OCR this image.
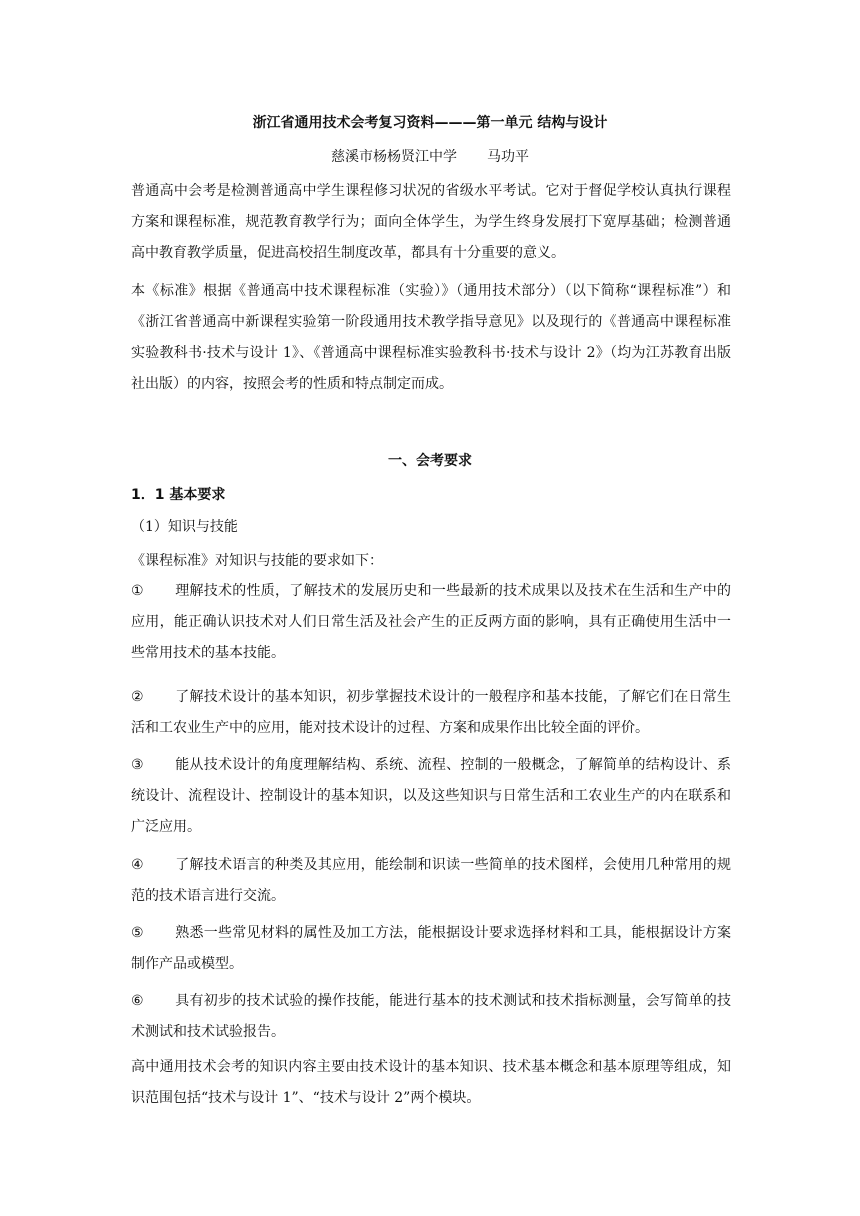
浙江省通用技术会考复习资料———第一单元 结构与设计
慈溪市杨杨贤江中学 马功平
普通高中会考是检测普通高中学生课程修习状况的省级水平考试。它对于督促学校认真执行课程方案和课程标准，规范教育教学行为；面向全体学生，为学生终身发展打下宽厚基础；检测普通高中教育教学质量，促进高校招生制度改革，都具有十分重要的意义。
本《标准》根据《普通高中技术课程标准（实验）》（通用技术部分）（以下简称“课程标准”）和《浙江省普通高中新课程实验第一阶段通用技术教学指导意见》以及现行的《普通高中课程标准实验教科书·技术与设计 1》、《普通高中课程标准实验教科书·技术与设计 2》（均为江苏教育出版社出版）的内容，按照会考的性质和特点制定而成。
一、会考要求
1．1 基本要求
（1）知识与技能
《课程标准》对知识与技能的要求如下：
① 理解技术的性质，了解技术的发展历史和一些最新的技术成果以及技术在生活和生产中的应用，能正确认识技术对人们日常生活及社会产生的正反两方面的影响，具有正确使用生活中一些常用技术的基本技能。
② 了解技术设计的基本知识，初步掌握技术设计的一般程序和基本技能，了解它们在日常生活和工农业生产中的应用，能对技术设计的过程、方案和成果作出比较全面的评价。
③ 能从技术设计的角度理解结构、系统、流程、控制的一般概念，了解简单的结构设计、系统设计、流程设计、控制设计的基本知识，以及这些知识与日常生活和工农业生产的内在联系和广泛应用。
④ 了解技术语言的种类及其应用，能绘制和识读一些简单的技术图样，会使用几种常用的规范的技术语言进行交流。
⑤ 熟悉一些常见材料的属性及加工方法，能根据设计要求选择材料和工具，能根据设计方案制作产品或模型。
⑥ 具有初步的技术试验的操作技能，能进行基本的技术测试和技术指标测量，会写简单的技术测试和技术试验报告。
高中通用技术会考的知识内容主要由技术设计的基本知识、技术基本概念和基本原理等组成，知识范围包括“技术与设计 1”、“技术与设计 2”两个模块。
